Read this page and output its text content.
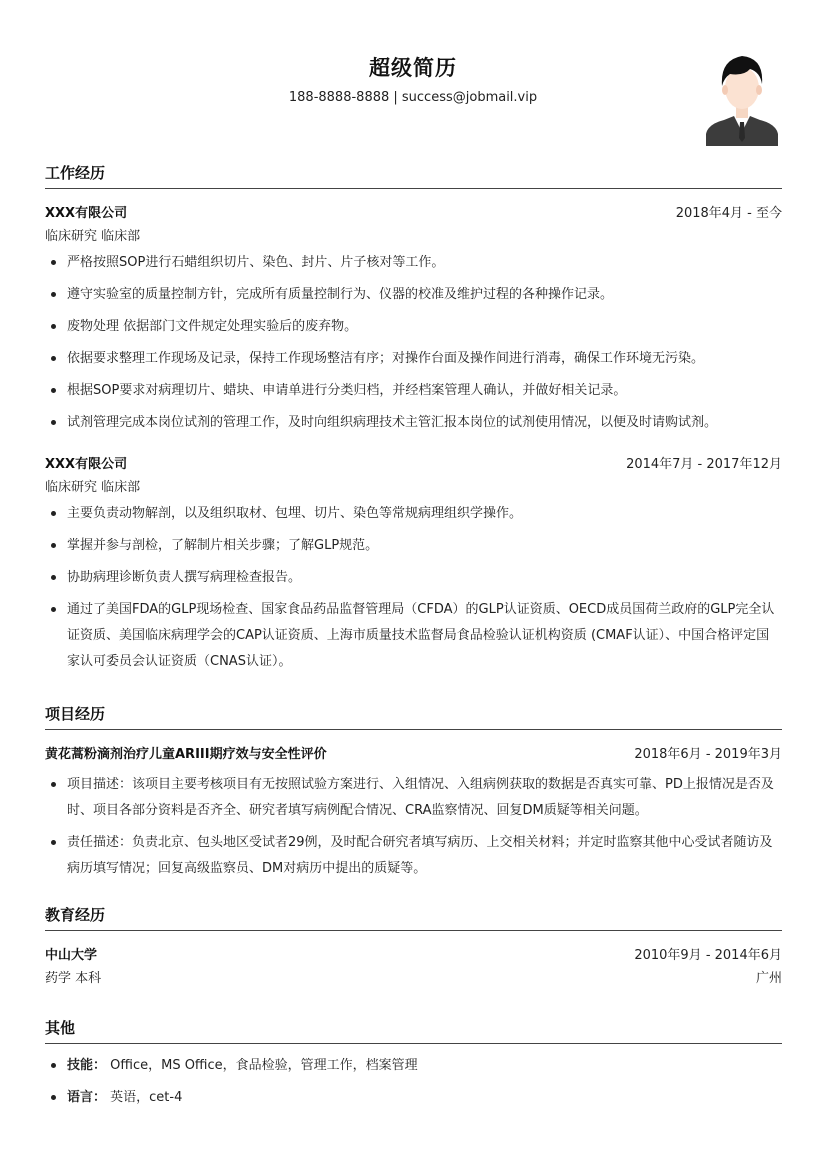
超级简历
188-8888-8888 | success@jobmail.vip
工作经历
XXX有限公司	2018年4月 - 至今
临床研究 临床部
严格按照SOP进行石蜡组织切片、染色、封片、片子核对等工作。
遵守实验室的质量控制方针，完成所有质量控制行为、仪器的校准及维护过程的各种操作记录。
废物处理 依据部门文件规定处理实验后的废弃物。
依据要求整理工作现场及记录，保持工作现场整洁有序；对操作台面及操作间进行消毒，确保工作环境无污染。
根据SOP要求对病理切片、蜡块、申请单进行分类归档，并经档案管理人确认，并做好相关记录。
试剂管理完成本岗位试剂的管理工作，及时向组织病理技术主管汇报本岗位的试剂使用情况，以便及时请购试剂。
XXX有限公司	2014年7月 - 2017年12月
临床研究 临床部
主要负责动物解剖，以及组织取材、包埋、切片、染色等常规病理组织学操作。
掌握并参与剖检，了解制片相关步骤；了解GLP规范。
协助病理诊断负责人撰写病理检查报告。
通过了美国FDA的GLP现场检查、国家食品药品监督管理局（CFDA）的GLP认证资质、OECD成员国荷兰政府的GLP完全认证资质、美国临床病理学会的CAP认证资质、上海市质量技术监督局食品检验认证机构资质 (CMAF认证）、中国合格评定国家认可委员会认证资质（CNAS认证）。
项目经历
黄花蒿粉滴剂治疗儿童ARIII期疗效与安全性评价	2018年6月 - 2019年3月
项目描述：该项目主要考核项目有无按照试验方案进行、入组情况、入组病例获取的数据是否真实可靠、PD上报情况是否及时、项目各部分资料是否齐全、研究者填写病例配合情况、CRA监察情况、回复DM质疑等相关问题。
责任描述：负责北京、包头地区受试者29例，及时配合研究者填写病历、上交相关材料；并定时监察其他中心受试者随访及病历填写情况；回复高级监察员、DM对病历中提出的质疑等。
教育经历
中山大学	2010年9月 - 2014年6月
药学 本科	广州
其他
技能： Office，MS Office，食品检验，管理工作，档案管理
语言： 英语，cet-4
